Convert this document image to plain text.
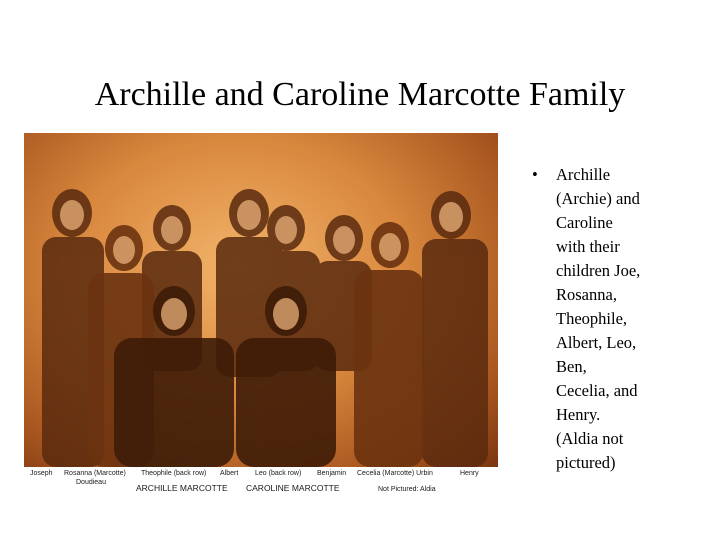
Archille and Caroline Marcotte Family
Joseph Rosanna (Marcotte)
Doudieau
Theophile (back row) Albert Leo (back row) Benjamin Cecelia (Marcotte) Urbin	Henry
ARCHILLE MARCOTTE CAROLINE MARCOTTE	Not Pictured: Aldia
• Archille
(Archie) and
Caroline
with their
children Joe,
Rosanna,
Theophile,
Albert, Leo,
Ben,
Cecelia, and
Henry.
(Aldia not
pictured)
